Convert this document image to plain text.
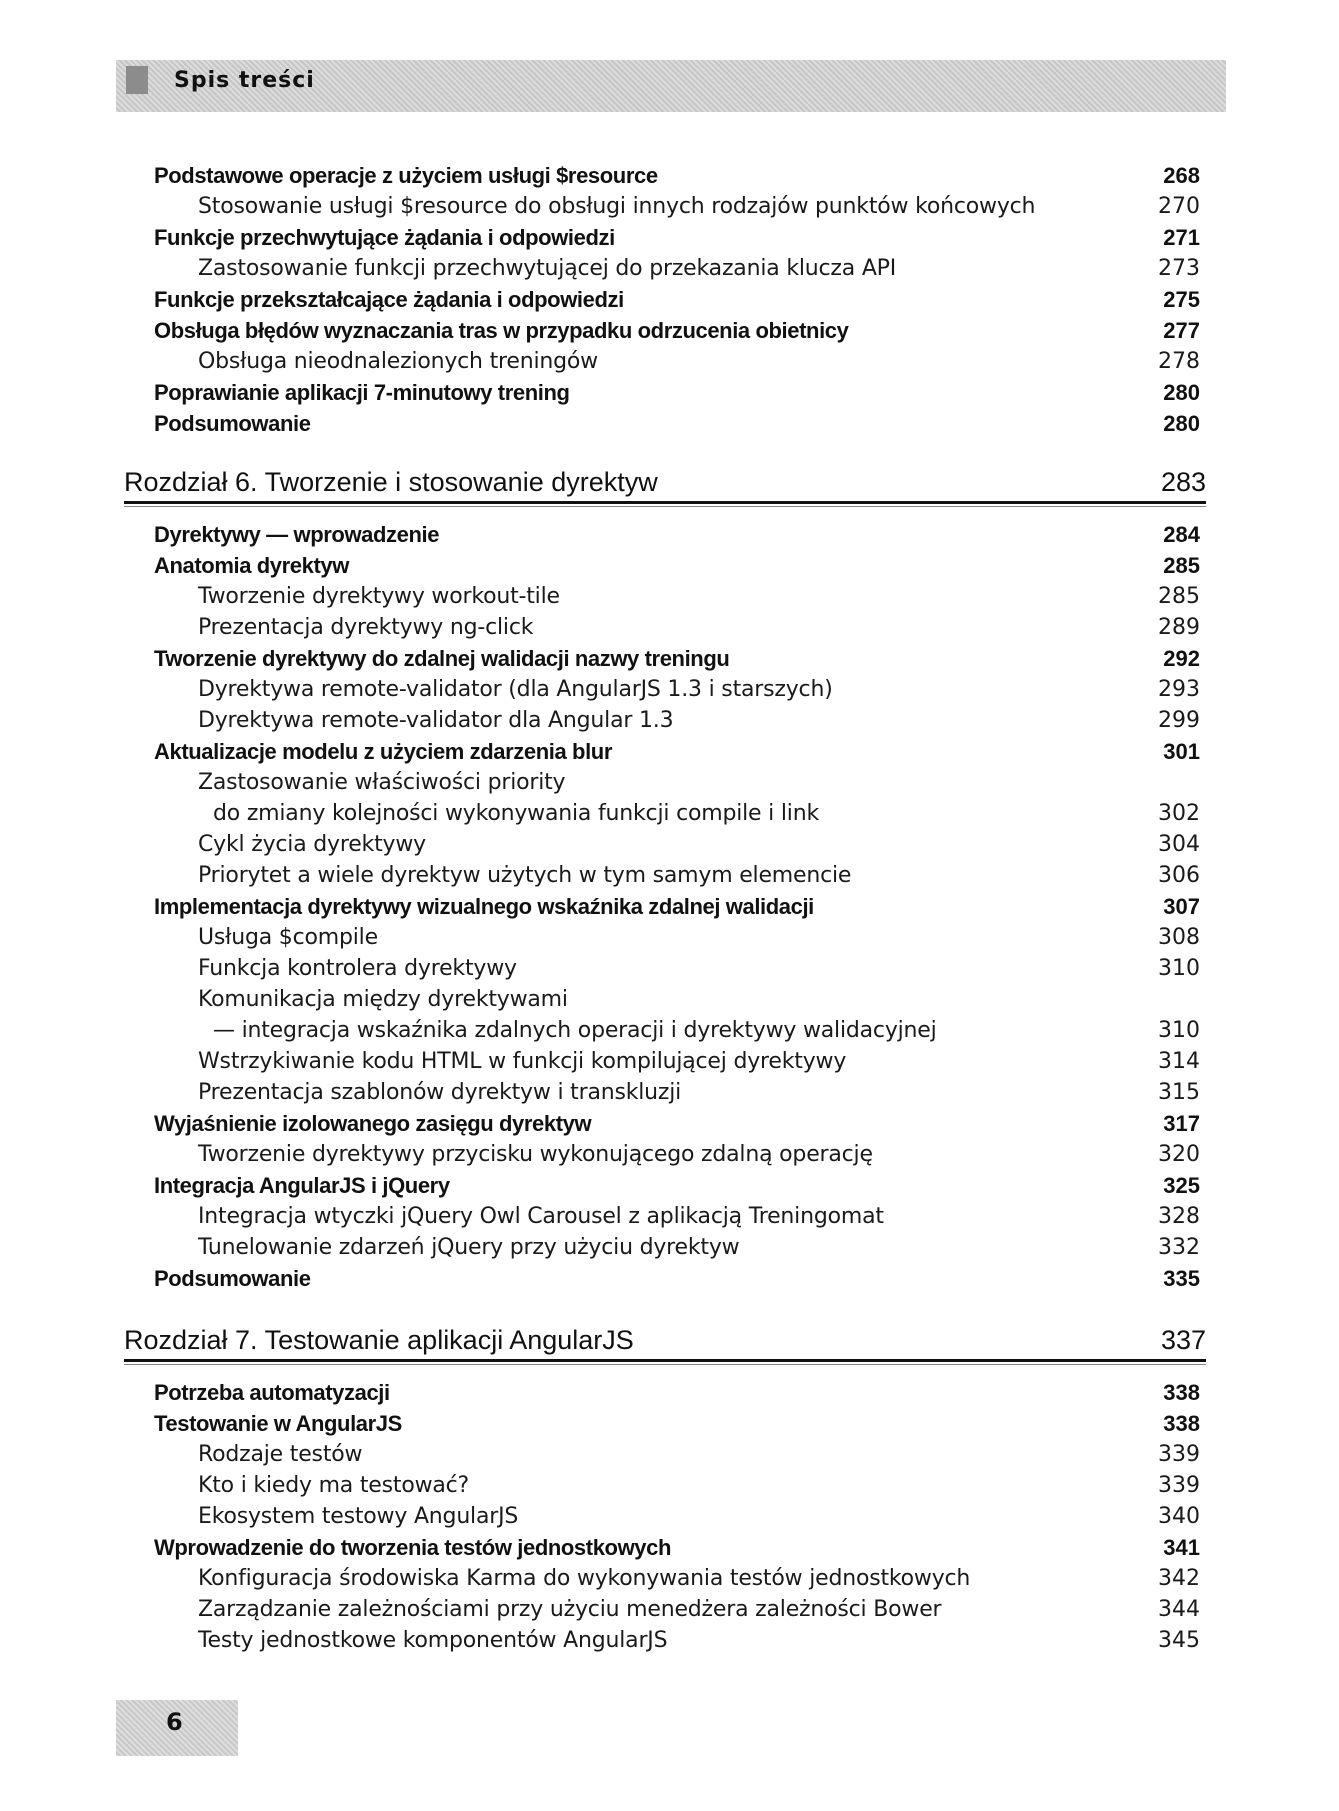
Spis treści
Podstawowe operacje z użyciem usługi $resource	268
Stosowanie usługi $resource do obsługi innych rodzajów punktów końcowych	270
Funkcje przechwytujące żądania i odpowiedzi	271
Zastosowanie funkcji przechwytującej do przekazania klucza API	273
Funkcje przekształcające żądania i odpowiedzi	275
Obsługa błędów wyznaczania tras w przypadku odrzucenia obietnicy	277
Obsługa nieodnalezionych treningów	278
Poprawianie aplikacji 7-minutowy trening	280
Podsumowanie	280
Rozdział 6. Tworzenie i stosowanie dyrektyw	283
Dyrektywy — wprowadzenie	284
Anatomia dyrektyw	285
Tworzenie dyrektywy workout-tile	285
Prezentacja dyrektywy ng-click	289
Tworzenie dyrektywy do zdalnej walidacji nazwy treningu	292
Dyrektywa remote-validator (dla AngularJS 1.3 i starszych)	293
Dyrektywa remote-validator dla Angular 1.3	299
Aktualizacje modelu z użyciem zdarzenia blur	301
Zastosowanie właściwości priority
do zmiany kolejności wykonywania funkcji compile i link	302
Cykl życia dyrektywy	304
Priorytet a wiele dyrektyw użytych w tym samym elemencie	306
Implementacja dyrektywy wizualnego wskaźnika zdalnej walidacji	307
Usługa $compile	308
Funkcja kontrolera dyrektywy	310
Komunikacja między dyrektywami
— integracja wskaźnika zdalnych operacji i dyrektywy walidacyjnej	310
Wstrzykiwanie kodu HTML w funkcji kompilującej dyrektywy	314
Prezentacja szablonów dyrektyw i transkluzji	315
Wyjaśnienie izolowanego zasięgu dyrektyw	317
Tworzenie dyrektywy przycisku wykonującego zdalną operację	320
Integracja AngularJS i jQuery	325
Integracja wtyczki jQuery Owl Carousel z aplikacją Treningomat	328
Tunelowanie zdarzeń jQuery przy użyciu dyrektyw	332
Podsumowanie	335
Rozdział 7. Testowanie aplikacji AngularJS	337
Potrzeba automatyzacji	338
Testowanie w AngularJS	338
Rodzaje testów	339
Kto i kiedy ma testować?	339
Ekosystem testowy AngularJS	340
Wprowadzenie do tworzenia testów jednostkowych	341
Konfiguracja środowiska Karma do wykonywania testów jednostkowych	342
Zarządzanie zależnościami przy użyciu menedżera zależności Bower	344
Testy jednostkowe komponentów AngularJS	345
6
